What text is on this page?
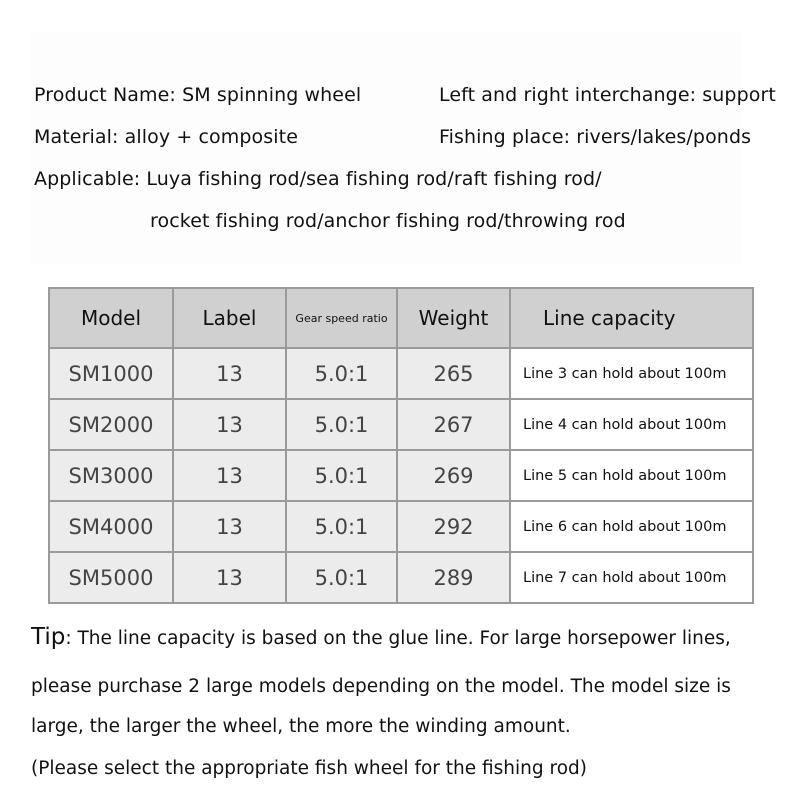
Product Name: SM spinning wheel	Left and right interchange: support
Material: alloy + composite	Fishing place: rivers/lakes/ponds
Applicable: Luya fishing rod/sea fishing rod/raft fishing rod/
rocket fishing rod/anchor fishing rod/throwing rod
Model	Label	Gear speed ratio	Weight	Line capacity
SM1000	13	5.0:1	265	Line 3 can hold about 100m
SM2000	13	5.0:1	267	Line 4 can hold about 100m
SM3000	13	5.0:1	269	Line 5 can hold about 100m
SM4000	13	5.0:1	292	Line 6 can hold about 100m
SM5000	13	5.0:1	289	Line 7 can hold about 100m
Tip: The line capacity is based on the glue line. For large horsepower lines,
please purchase 2 large models depending on the model. The model size is
large, the larger the wheel, the more the winding amount.
(Please select the appropriate fish wheel for the fishing rod)
